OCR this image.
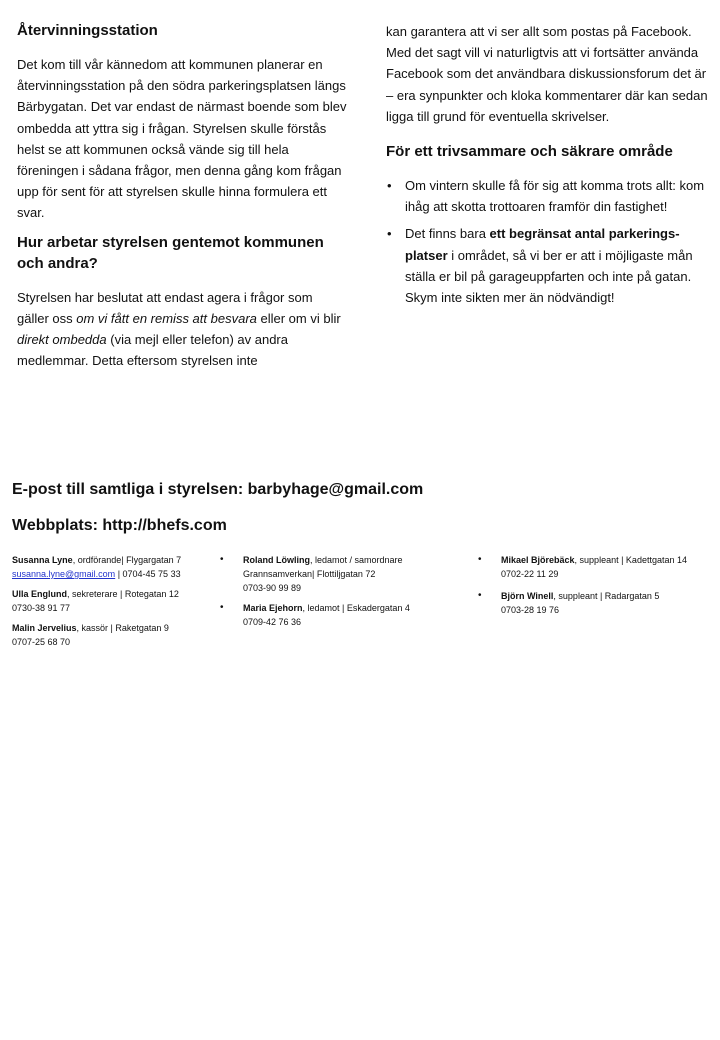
Återvinningsstation

Det kom till vår kännedom att kommunen planerar en återvinningsstation på den södra parkeringsplatsen längs Bärbygatan. Det var endast de närmast boende som blev ombedda att yttra sig i frågan. Styrelsen skulle förstås helst se att kommunen också vände sig till hela föreningen i sådana frågor, men denna gång kom frågan upp för sent för att styrelsen skulle hinna formulera ett svar.

Hur arbetar styrelsen gentemot kommunen och andra?

Styrelsen har beslutat att endast agera i frågor som gäller oss om vi fått en remiss att besvara eller om vi blir direkt ombedda (via mejl eller telefon) av andra medlemmar. Detta eftersom styrelsen inte

kan garantera att vi ser allt som postas på Facebook. Med det sagt vill vi naturligtvis att vi fortsätter använda Facebook som det användbara diskussionsforum det är – era synpunkter och kloka kommentarer där kan sedan ligga till grund för eventuella skrivelser.

För ett trivsammare och säkrare område
• Om vintern skulle få för sig att komma trots allt: kom ihåg att skotta trottoaren framför din fastighet!
• Det finns bara ett begränsat antal parkerings-platser i området, så vi ber er att i möjligaste mån ställa er bil på garageuppfarten och inte på gatan. Skym inte sikten mer än nödvändigt!
E-post till samtliga i styrelsen: barbyhage@gmail.com
Webbplats: http://bhefs.com
Susanna Lyne, ordförande| Flygargatan 7
susanna.lyne@gmail.com | 0704-45 75 33
Ulla Englund, sekreterare | Rotegatan 12
0730-38 91 77
Malin Jervelius, kassör | Raketgatan 9
0707-25 68 70
• Roland Löwling, ledamot / samordnare
Grannsamverkan| Flottiljgatan 72
0703-90 99 89
• Maria Ejehorn, ledamot | Eskadergatan 4
0709-42 76 36
• Mikael Björebäck, suppleant | Kadettgatan 14
0702-22 11 29
• Björn Winell, suppleant | Radargatan 5
0703-28 19 76
